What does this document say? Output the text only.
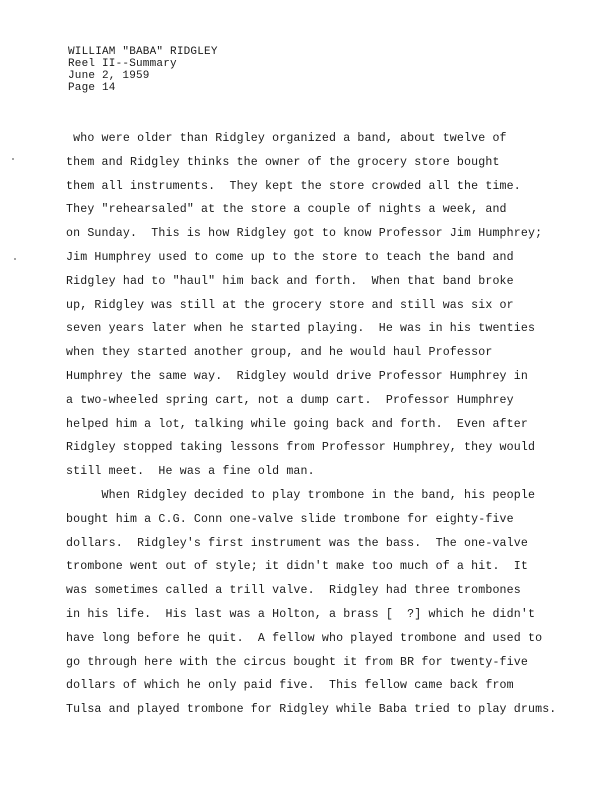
WILLIAM "BABA" RIDGLEY
Reel II--Summary
June 2, 1959
Page 14
who were older than Ridgley organized a band, about twelve of
them and Ridgley thinks the owner of the grocery store bought
them all instruments.  They kept the store crowded all the time.
They "rehearsaled" at the store a couple of nights a week, and
on Sunday.  This is how Ridgley got to know Professor Jim Humphrey;
Jim Humphrey used to come up to the store to teach the band and
Ridgley had to "haul" him back and forth.  When that band broke
up, Ridgley was still at the grocery store and still was six or
seven years later when he started playing.  He was in his twenties
when they started another group, and he would haul Professor
Humphrey the same way.  Ridgley would drive Professor Humphrey in
a two-wheeled spring cart, not a dump cart.  Professor Humphrey
helped him a lot, talking while going back and forth.  Even after
Ridgley stopped taking lessons from Professor Humphrey, they would
still meet.  He was a fine old man.
When Ridgley decided to play trombone in the band, his people
bought him a C.G. Conn one-valve slide trombone for eighty-five
dollars.  Ridgley's first instrument was the bass.  The one-valve
trombone went out of style; it didn't make too much of a hit.  It
was sometimes called a trill valve.  Ridgley had three trombones
in his life.  His last was a Holton, a brass [  ?] which he didn't
have long before he quit.  A fellow who played trombone and used to
go through here with the circus bought it from BR for twenty-five
dollars of which he only paid five.  This fellow came back from
Tulsa and played trombone for Ridgley while Baba tried to play drums.
